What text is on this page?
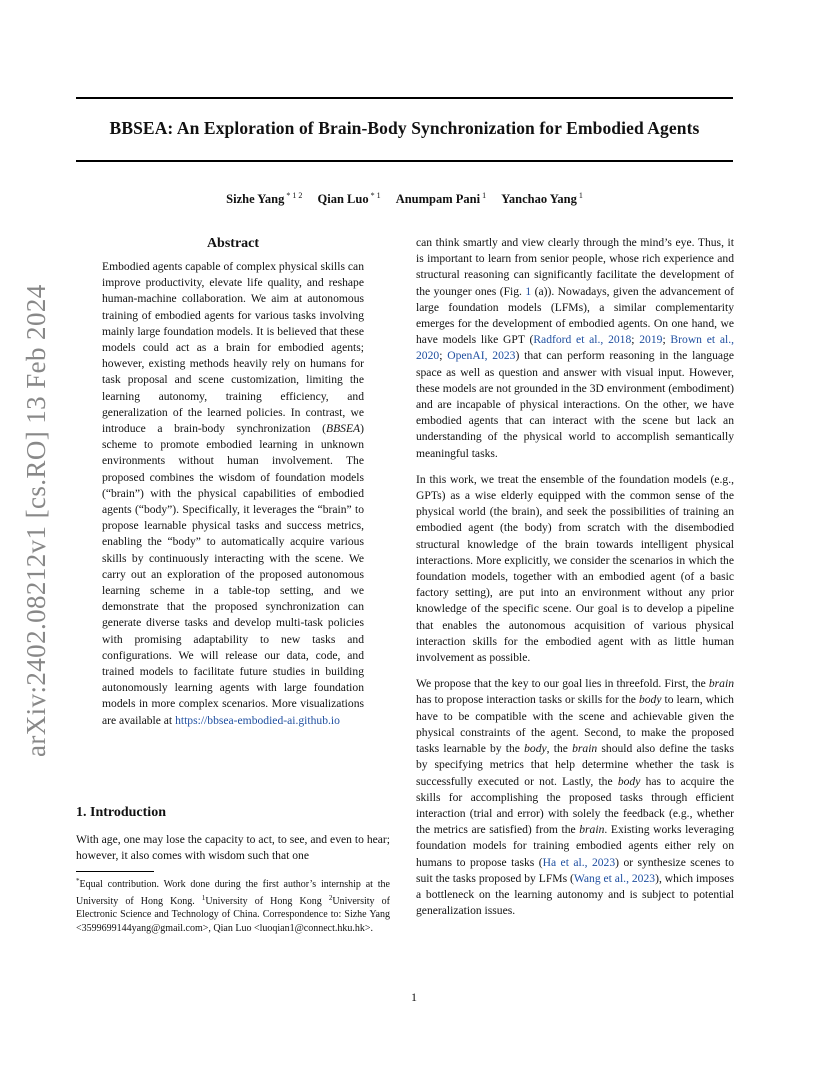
BBSEA: An Exploration of Brain-Body Synchronization for Embodied Agents
Sizhe Yang $^{* 1 2}$ Qian Luo $^{* 1}$ Anumpam Pani $^1$ Yanchao Yang $^1$
arXiv:2402.08212v1 [cs.RO] 13 Feb 2024
Abstract
Embodied agents capable of complex physical skills can improve productivity, elevate life quality, and reshape human-machine collaboration. We aim at autonomous training of embodied agents for various tasks involving mainly large foundation models. It is believed that these models could act as a brain for embodied agents; however, existing methods heavily rely on humans for task proposal and scene customization, limiting the learning autonomy, training efficiency, and generalization of the learned policies. In contrast, we introduce a brain-body synchronization (BBSEA) scheme to promote embodied learning in unknown environments without human involvement. The proposed combines the wisdom of foundation models (“brain”) with the physical capabilities of embodied agents (“body”). Specifically, it leverages the “brain” to propose learnable physical tasks and success metrics, enabling the “body” to automatically acquire various skills by continuously interacting with the scene. We carry out an exploration of the proposed autonomous learning scheme in a table-top setting, and we demonstrate that the proposed synchronization can generate diverse tasks and develop multi-task policies with promising adaptability to new tasks and configurations. We will release our data, code, and trained models to facilitate future studies in building autonomously learning agents with large foundation models in more complex scenarios. More visualizations are available at https://bbsea-embodied-ai.github.io
1. Introduction
With age, one may lose the capacity to act, to see, and even to hear; however, it also comes with wisdom such that one
*Equal contribution. Work done during the first author’s internship at the University of Hong Kong. $^1$University of Hong Kong $^2$University of Electronic Science and Technology of China. Correspondence to: Sizhe Yang <3599699144yang@gmail.com>, Qian Luo <luoqian1@connect.hku.hk>.

can think smartly and view clearly through the mind’s eye. Thus, it is important to learn from senior people, whose rich experience and structural reasoning can significantly facilitate the development of the younger ones (Fig. 1 (a)). Nowadays, given the advancement of large foundation models (LFMs), a similar complementarity emerges for the development of embodied agents. On one hand, we have models like GPT (Radford et al., 2018; 2019; Brown et al., 2020; OpenAI, 2023) that can perform reasoning in the language space as well as question and answer with visual input. However, these models are not grounded in the 3D environment (embodiment) and are incapable of physical interactions. On the other, we have embodied agents that can interact with the scene but lack an understanding of the physical world to accomplish semantically meaningful tasks.

In this work, we treat the ensemble of the foundation models (e.g., GPTs) as a wise elderly equipped with the common sense of the physical world (the brain), and seek the possibilities of training an embodied agent (the body) from scratch with the disembodied structural knowledge of the brain towards intelligent physical interactions. More explicitly, we consider the scenarios in which the foundation models, together with an embodied agent (of a basic factory setting), are put into an environment without any prior knowledge of the specific scene. Our goal is to develop a pipeline that enables the autonomous acquisition of various physical interaction skills for the embodied agent with as little human involvement as possible.

We propose that the key to our goal lies in threefold. First, the brain has to propose interaction tasks or skills for the body to learn, which have to be compatible with the scene and achievable given the physical constraints of the agent. Second, to make the proposed tasks learnable by the body, the brain should also define the tasks by specifying metrics that help determine whether the task is successfully executed or not. Lastly, the body has to acquire the skills for accomplishing the proposed tasks through efficient interaction (trial and error) with solely the feedback (e.g., whether the metrics are satisfied) from the brain. Existing works leveraging foundation models for training embodied agents either rely on humans to propose tasks (Ha et al., 2023) or synthesize scenes to suit the tasks proposed by LFMs (Wang et al., 2023), which imposes a bottleneck on the learning autonomy and is subject to potential generalization issues.

1
